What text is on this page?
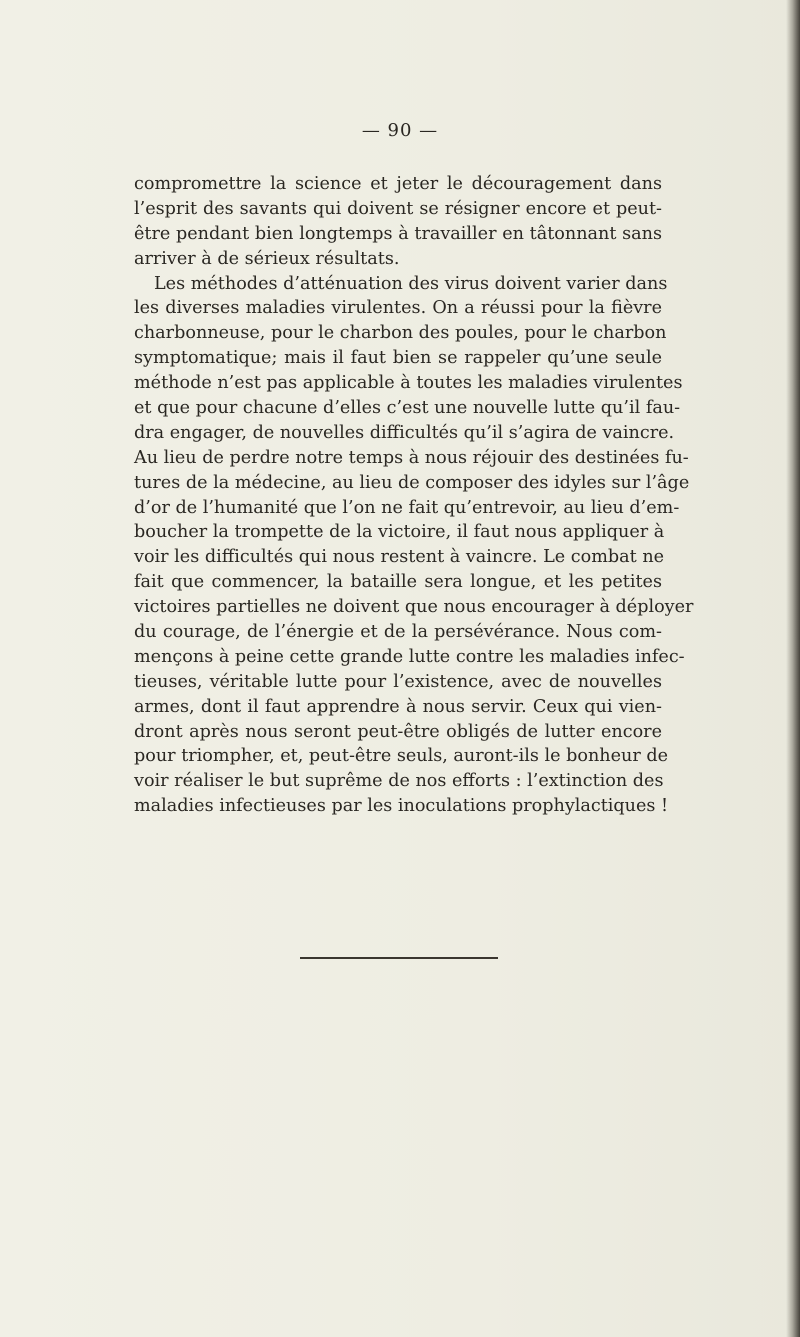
— 90 —
compromettre la science et jeter le découragement dans
l’esprit des savants qui doivent se résigner encore et peut-
être pendant bien longtemps à travailler en tâtonnant sans
arriver à de sérieux résultats.
Les méthodes d’atténuation des virus doivent varier dans
les diverses maladies virulentes. On a réussi pour la fièvre
charbonneuse, pour le charbon des poules, pour le charbon
symptomatique; mais il faut bien se rappeler qu’une seule
méthode n’est pas applicable à toutes les maladies virulentes
et que pour chacune d’elles c’est une nouvelle lutte qu’il fau-
dra engager, de nouvelles difficultés qu’il s’agira de vaincre.
Au lieu de perdre notre temps à nous réjouir des destinées fu-
tures de la médecine, au lieu de composer des idyles sur l’âge
d’or de l’humanité que l’on ne fait qu’entrevoir, au lieu d’em-
boucher la trompette de la victoire, il faut nous appliquer à
voir les difficultés qui nous restent à vaincre. Le combat ne
fait que commencer, la bataille sera longue, et les petites
victoires partielles ne doivent que nous encourager à déployer
du courage, de l’énergie et de la persévérance. Nous com-
mençons à peine cette grande lutte contre les maladies infec-
tieuses, véritable lutte pour l’existence, avec de nouvelles
armes, dont il faut apprendre à nous servir. Ceux qui vien-
dront après nous seront peut-être obligés de lutter encore
pour triompher, et, peut-être seuls, auront-ils le bonheur de
voir réaliser le but suprême de nos efforts : l’extinction des
maladies infectieuses par les inoculations prophylactiques !
